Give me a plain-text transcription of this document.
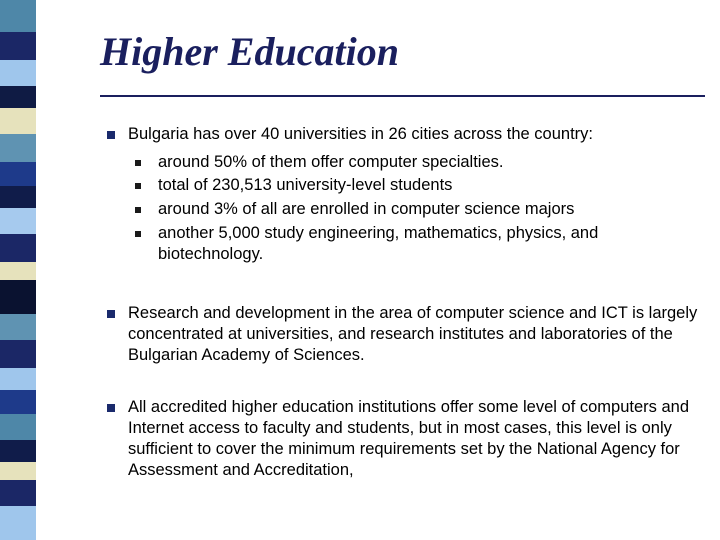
Higher Education
Bulgaria has over 40 universities in 26 cities across the country:
around 50% of them offer computer specialties.
total of 230,513 university-level students
around 3% of all are enrolled in computer science majors
another 5,000 study engineering, mathematics, physics, and biotechnology.
Research and development in the area of computer science and ICT is largely concentrated at universities, and research institutes and laboratories of the Bulgarian Academy of Sciences.
All accredited higher education institutions offer some level of computers and Internet access to faculty and students, but in most cases, this level is only sufficient to cover the minimum requirements set by the National Agency for Assessment and Accreditation,
